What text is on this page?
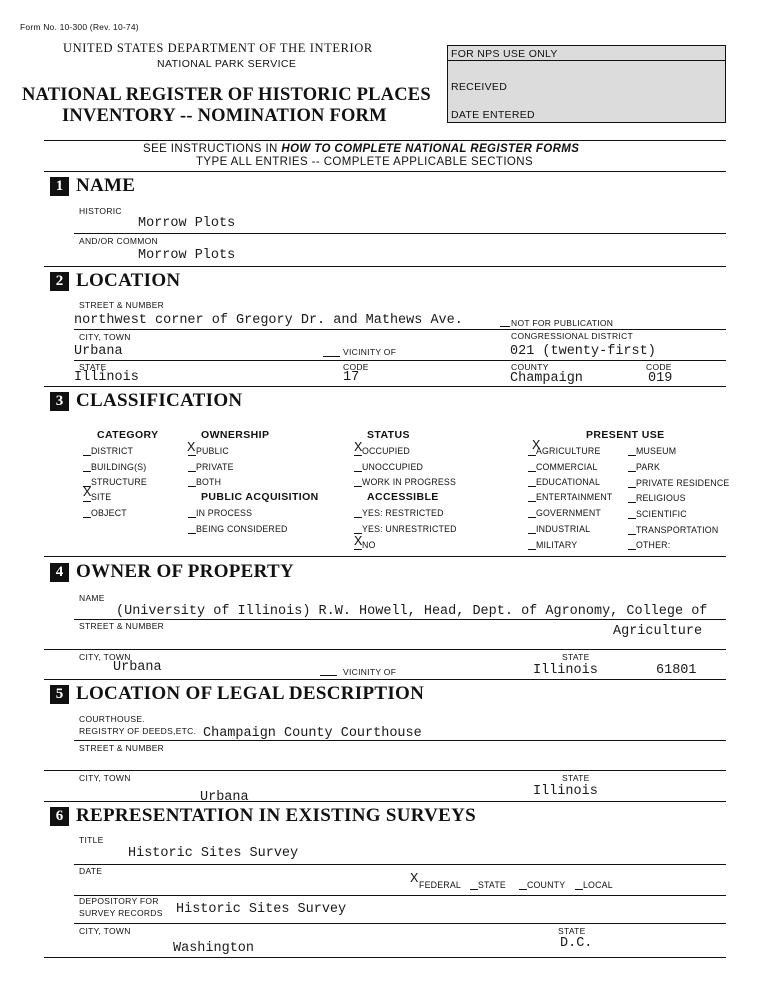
Form No. 10-300 (Rev. 10-74)
UNITED STATES DEPARTMENT OF THE INTERIOR
NATIONAL PARK SERVICE
NATIONAL REGISTER OF HISTORIC PLACES
INVENTORY -- NOMINATION FORM
FOR NPS USE ONLY
RECEIVED
DATE ENTERED
SEE INSTRUCTIONS IN HOW TO COMPLETE NATIONAL REGISTER FORMS
TYPE ALL ENTRIES -- COMPLETE APPLICABLE SECTIONS
1 NAME
HISTORIC
Morrow Plots
AND/OR COMMON
Morrow Plots
2 LOCATION
STREET & NUMBER
northwest corner of Gregory Dr. and Mathews Ave.	NOT FOR PUBLICATION
CITY, TOWN	CONGRESSIONAL DISTRICT
Urbana	VICINITY OF	021 (twenty-first)
STATE	CODE	COUNTY	CODE
Illinois	17	Champaign	019
3 CLASSIFICATION
CATEGORY
DISTRICT
BUILDING(S)
STRUCTURE
X SITE
OBJECT
OWNERSHIP
X PUBLIC
PRIVATE
BOTH
PUBLIC ACQUISITION
IN PROCESS
BEING CONSIDERED
STATUS
X OCCUPIED
UNOCCUPIED
WORK IN PROGRESS
ACCESSIBLE
YES: RESTRICTED
YES: UNRESTRICTED
X NO
PRESENT USE
X
AGRICULTURE
COMMERCIAL
EDUCATIONAL
ENTERTAINMENT
GOVERNMENT
INDUSTRIAL
MILITARY
MUSEUM
PARK
PRIVATE RESIDENCE
RELIGIOUS
SCIENTIFIC
TRANSPORTATION
OTHER:
4 OWNER OF PROPERTY
NAME
(University of Illinois) R.W. Howell, Head, Dept. of Agronomy, College of
STREET & NUMBER	Agriculture
CITY, TOWN	STATE
Urbana	VICINITY OF	Illinois	61801
5 LOCATION OF LEGAL DESCRIPTION
COURTHOUSE.
REGISTRY OF DEEDS,ETC. Champaign County Courthouse
STREET & NUMBER
CITY, TOWN	STATE
Urbana	Illinois
6 REPRESENTATION IN EXISTING SURVEYS
TITLE
Historic Sites Survey
DATE	X FEDERAL	STATE	COUNTY	LOCAL
DEPOSITORY FOR
SURVEY RECORDS Historic Sites Survey
CITY, TOWN	STATE
Washington	D.C.
